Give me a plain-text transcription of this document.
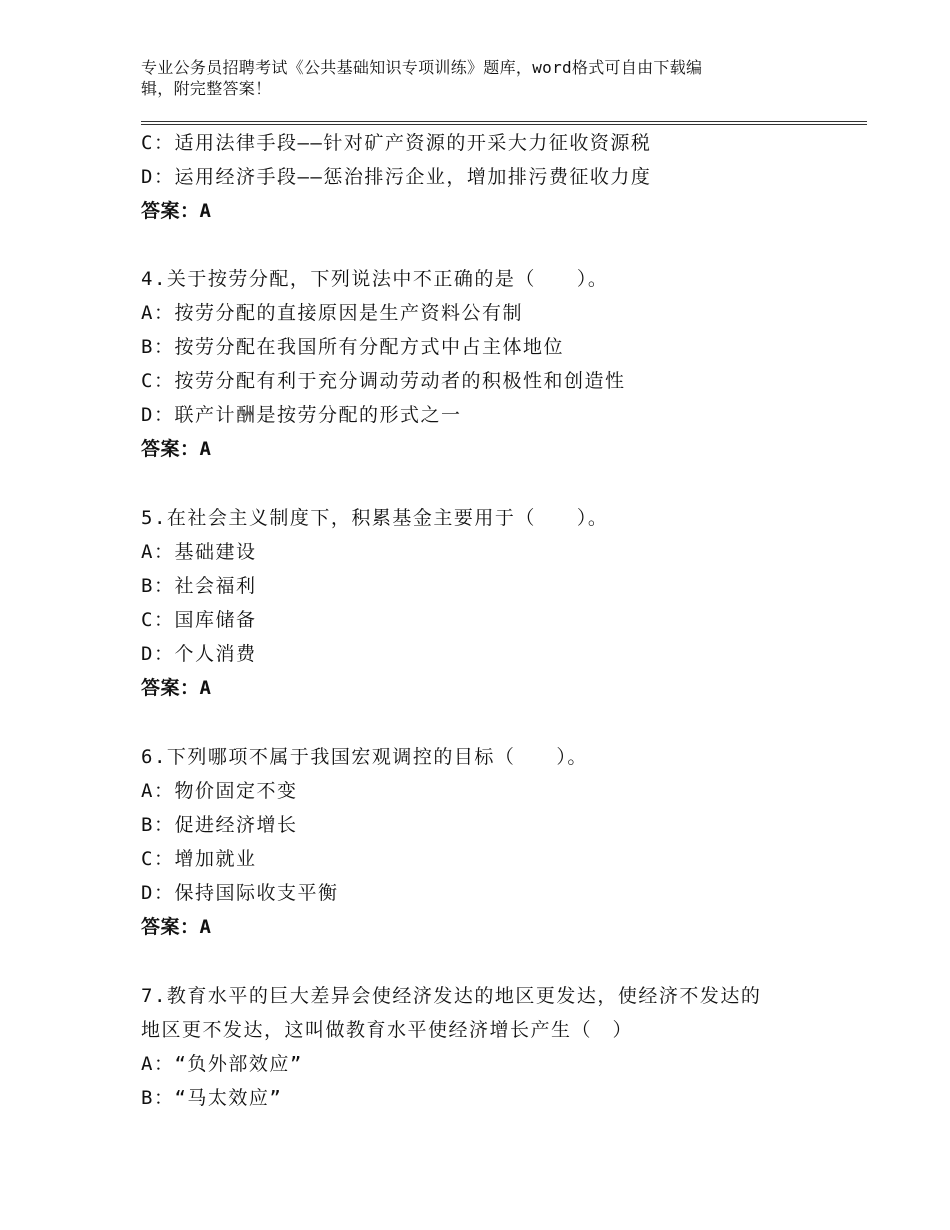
专业公务员招聘考试《公共基础知识专项训练》题库，word格式可自由下载编
辑，附完整答案！
C：适用法律手段——针对矿产资源的开采大力征收资源税
D：运用经济手段——惩治排污企业，增加排污费征收力度
答案：A
4.关于按劳分配，下列说法中不正确的是（　　）。
A：按劳分配的直接原因是生产资料公有制
B：按劳分配在我国所有分配方式中占主体地位
C：按劳分配有利于充分调动劳动者的积极性和创造性
D：联产计酬是按劳分配的形式之一
答案：A
5.在社会主义制度下，积累基金主要用于（　　）。
A：基础建设
B：社会福利
C：国库储备
D：个人消费
答案：A
6.下列哪项不属于我国宏观调控的目标（　　）。
A：物价固定不变
B：促进经济增长
C：增加就业
D：保持国际收支平衡
答案：A
7.教育水平的巨大差异会使经济发达的地区更发达，使经济不发达的
地区更不发达，这叫做教育水平使经济增长产生（　）
A：“负外部效应”
B：“马太效应”
